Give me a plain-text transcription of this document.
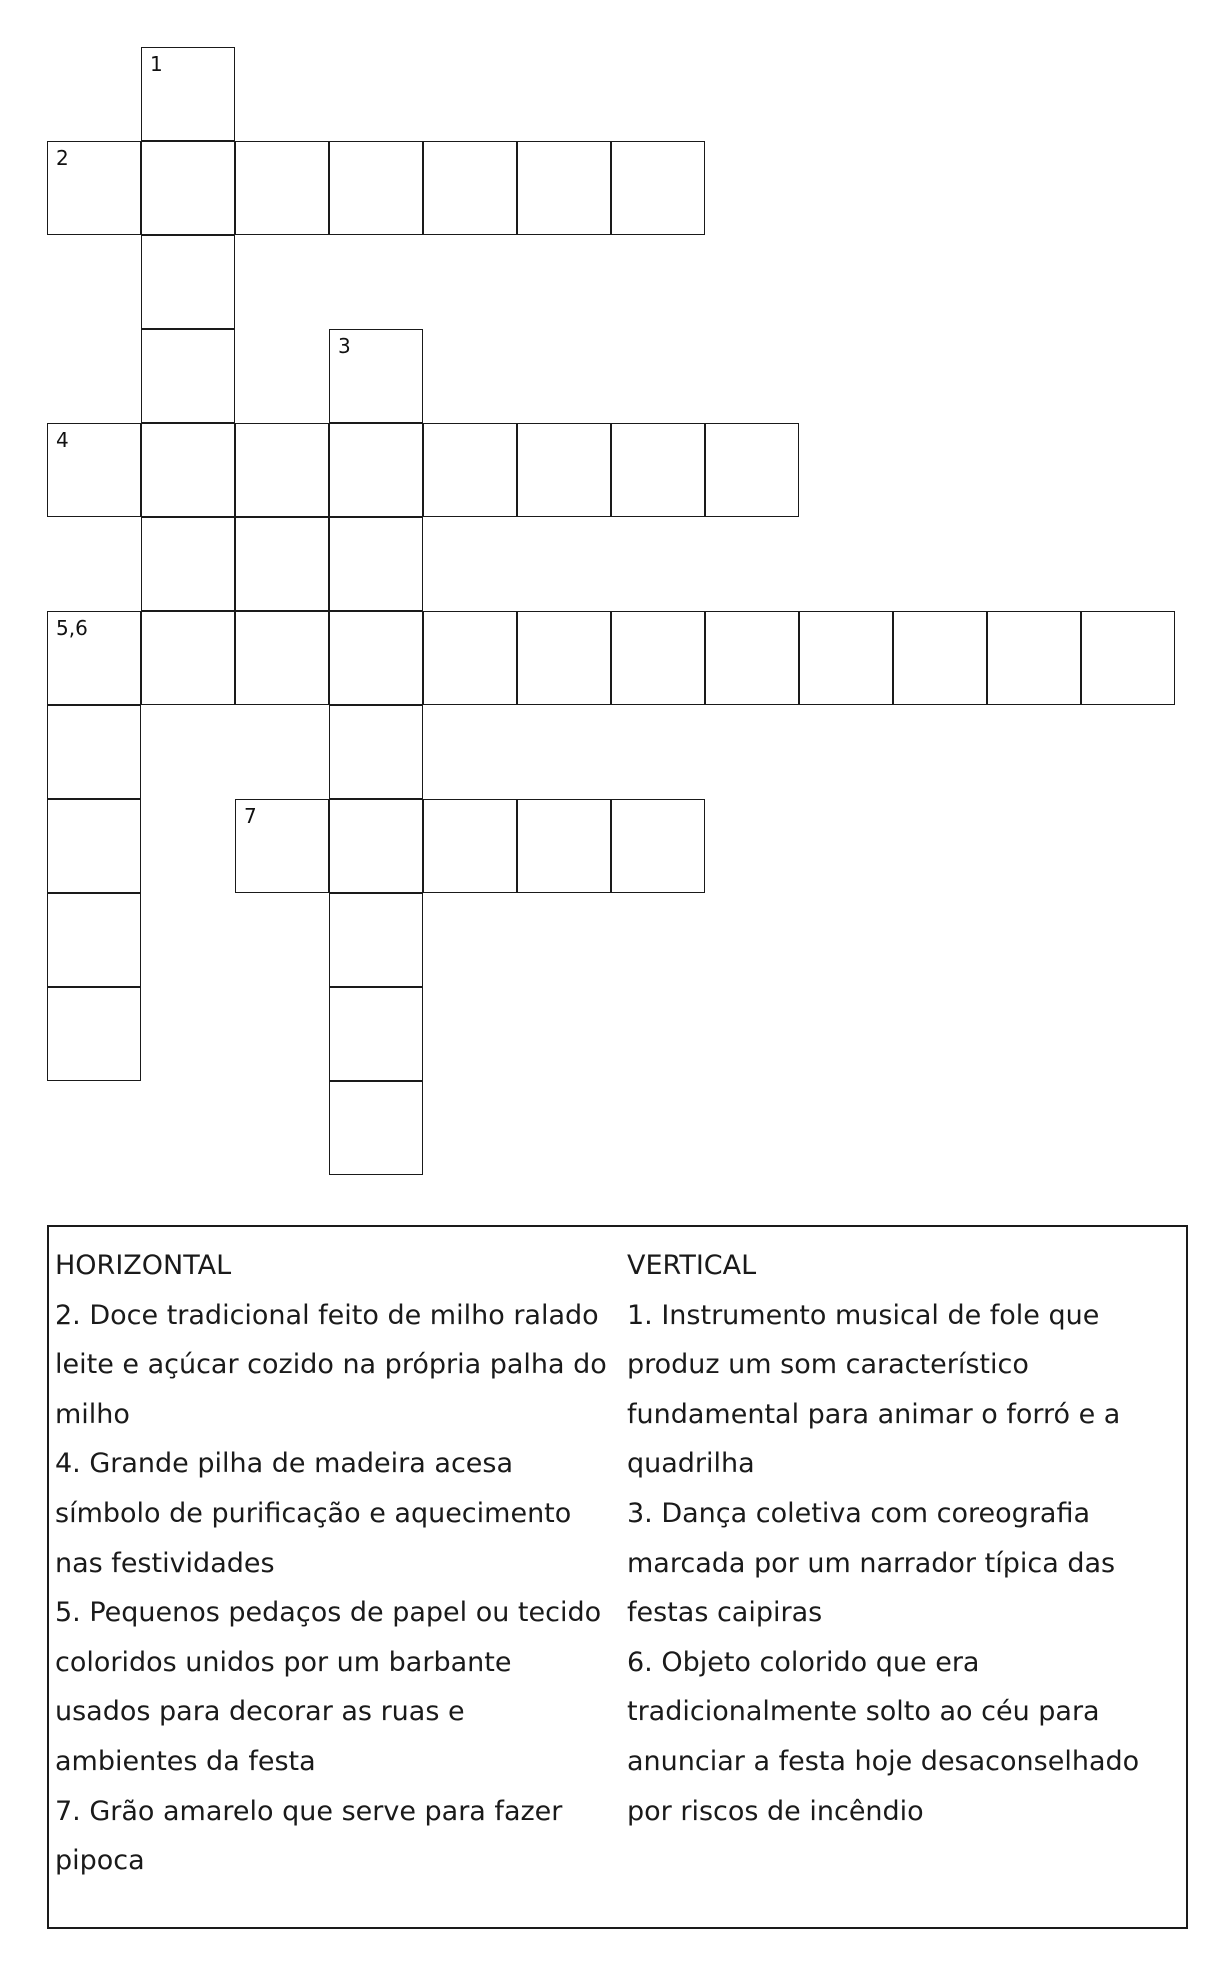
1
2
3
4
5,6
7

HORIZONTAL

2. Doce tradicional feito de milho ralado

leite e açúcar cozido na própria palha do

milho

4. Grande pilha de madeira acesa

símbolo de purificação e aquecimento

nas festividades

5. Pequenos pedaços de papel ou tecido

coloridos unidos por um barbante

usados para decorar as ruas e

ambientes da festa

7. Grão amarelo que serve para fazer

pipoca

VERTICAL

1. Instrumento musical de fole que

produz um som característico

fundamental para animar o forró e a

quadrilha

3. Dança coletiva com coreografia

marcada por um narrador típica das

festas caipiras

6. Objeto colorido que era

tradicionalmente solto ao céu para

anunciar a festa hoje desaconselhado

por riscos de incêndio
